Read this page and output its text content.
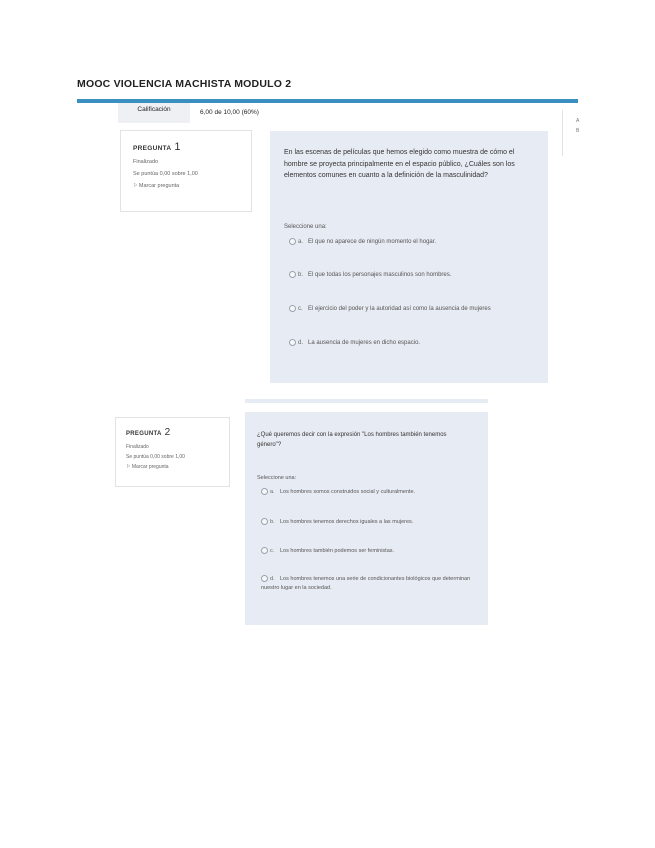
MOOC VIOLENCIA MACHISTA MODULO 2
Calificación	6,00 de 10,00 (60%)
A
B
PREGUNTA 1
Finalizado
Se puntúa 0,00 sobre 1,00
⚐ Marcar pregunta
En las escenas de películas que hemos elegido como muestra de cómo el hombre se proyecta principalmente en el espacio público, ¿Cuáles son los elementos comunes en cuanto a la definición de la masculinidad?
Seleccione una:
a. El que no aparece de ningún momento el hogar.
b. El que todas los personajes masculinos son hombres.
c. El ejercicio del poder y la autoridad así como la ausencia de mujeres
d. La ausencia de mujeres en dicho espacio.
PREGUNTA 2
Finalizado
Se puntúa 0,00 sobre 1,00
⚐ Marcar pregunta
¿Qué queremos decir con la expresión "Los hombres también tenemos género"?
Seleccione una:
a. Los hombres somos construidos social y culturalmente.
b. Los hombres tenemos derechos iguales a las mujeres.
c. Los hombres también podemos ser feministas.
d. Los hombres tenemos una serie de condicionantes biológicos que determinan nuestro lugar en la sociedad.
